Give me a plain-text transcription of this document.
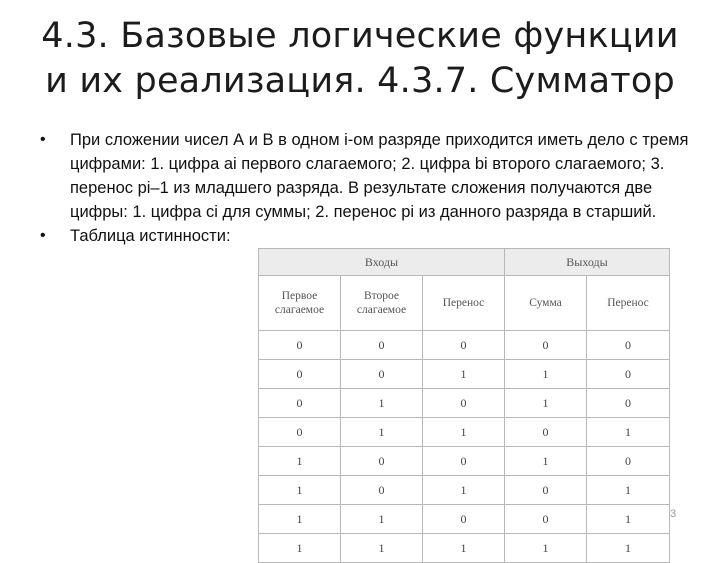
4.3. Базовые логические функции
и их реализация. 4.3.7. Сумматор
•	При сложении чисел А и В в одном i-ом разряде приходится иметь дело с тремя цифрами: 1. цифра ai первого слагаемого; 2. цифра bi второго слагаемого; 3. перенос pi–1 из младшего разряда. В результате сложения получаются две цифры: 1. цифра ci для суммы; 2. перенос pi из данного разряда в старший.
•	Таблица истинности:
Входы			Выходы	
Первое слагаемое	Второе слагаемое	Перенос	Сумма	Перенос
0	0	0	0	0
0	0	1	1	0
0	1	0	1	0
0	1	1	0	1
1	0	0	1	0
1	0	1	0	1
1	1	0	0	1
1	1	1	1	1
3
